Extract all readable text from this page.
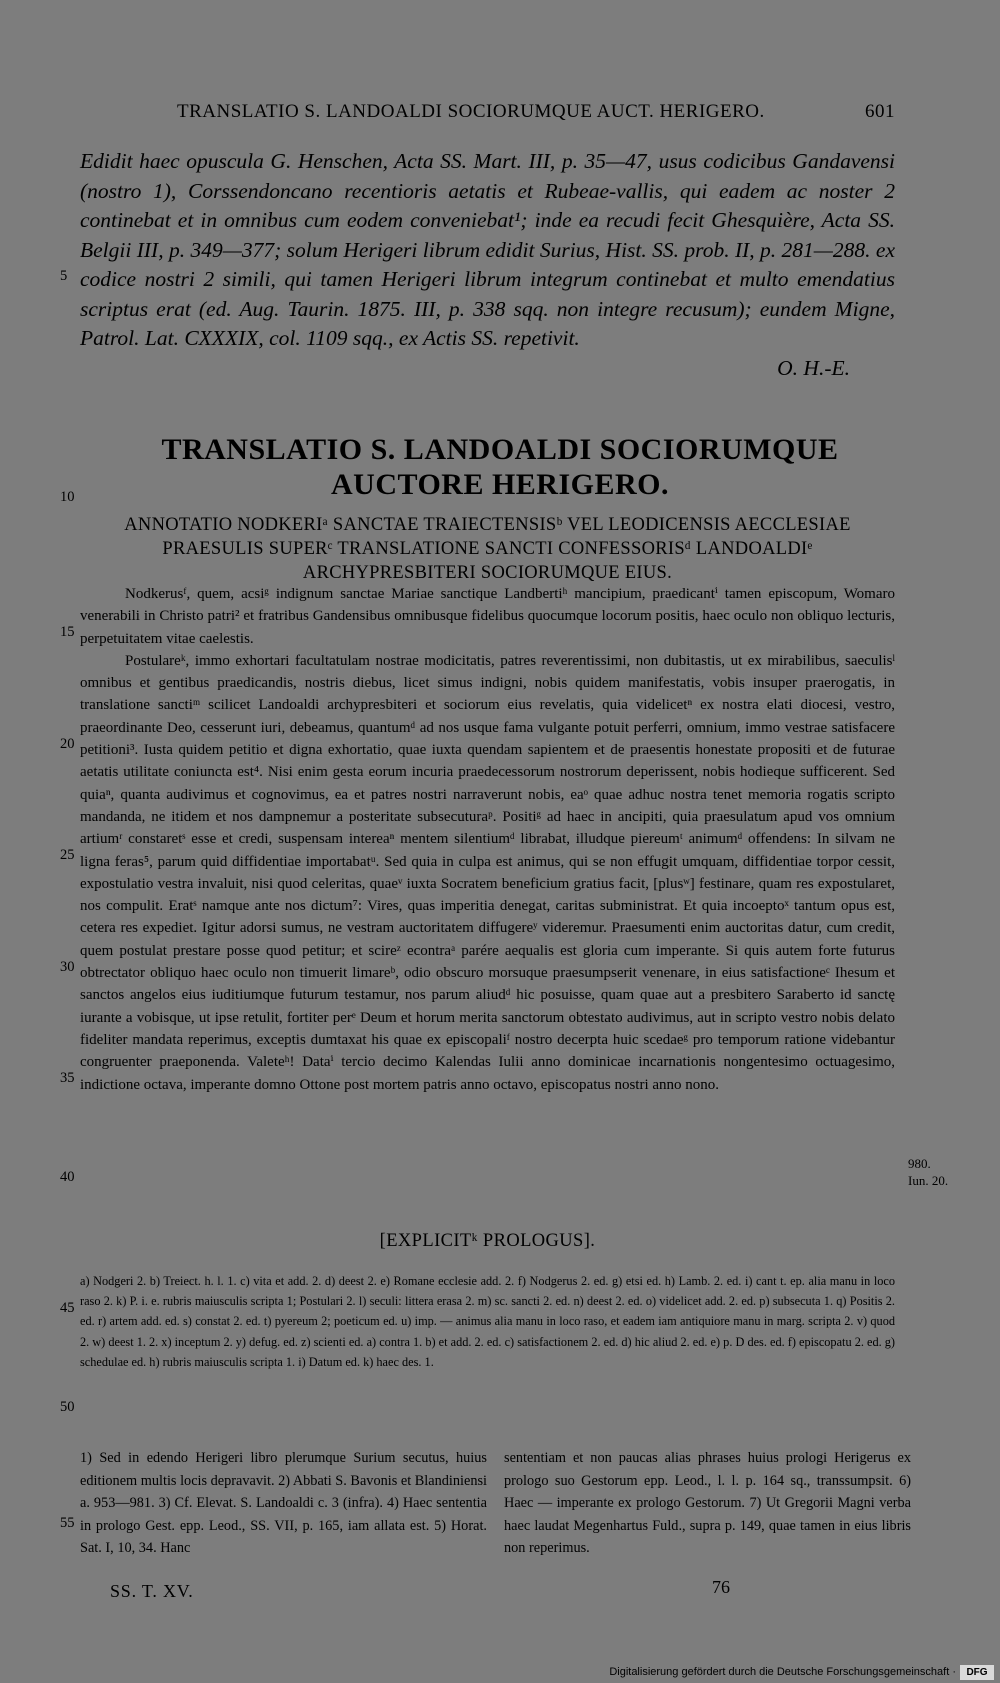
TRANSLATIO S. LANDOALDI SOCIORUMQUE AUCT. HERIGERO.	601

Edidit haec opuscula G. Henschen, Acta SS. Mart. III, p. 35—47, usus codicibus Gandavensi (nostro 1), Corssendoncano recentioris aetatis et Rubeae-vallis, qui eadem ac noster 2 continebat et in omnibus cum eodem conveniebat¹; inde ea recudi fecit Ghesquière, Acta SS. Belgii III, p. 349—377; solum Herigeri librum edidit Surius, Hist. SS. prob. II, p. 281—288. ex codice nostri 2 simili, qui tamen Herigeri librum integrum continebat et multo emendatius scriptus erat (ed. Aug. Taurin. 1875. III, p. 338 sqq. non integre recusum); eundem Migne, Patrol. Lat. CXXXIX, col. 1109 sqq., ex Actis SS. repetivit.

O. H.-E.

TRANSLATIO S. LANDOALDI SOCIORUMQUE
AUCTORE HERIGERO.
ANNOTATIO NODKERIᵃ SANCTAE TRAIECTENSISᵇ VEL LEODICENSIS AECCLESIAE
PRAESULIS SUPERᶜ TRANSLATIONE SANCTI CONFESSORISᵈ LANDOALDIᵉ
ARCHYPRESBITERI SOCIORUMQUE EIUS.

Nodkerusᶠ, quem, acsiᵍ indignum sanctae Mariae sanctique Landbertiʰ mancipium, praedicantⁱ tamen episcopum, Womaro venerabili in Christo patri² et fratribus Gandensibus omnibusque fidelibus quocumque locorum positis, haec oculo non obliquo lecturis, perpetuitatem vitae caelestis.

Postulareᵏ, immo exhortari facultatulam nostrae modicitatis, patres reverentissimi, non dubitastis, ut ex mirabilibus, saeculisˡ omnibus et gentibus praedicandis, nostris diebus, licet simus indigni, nobis quidem manifestatis, vobis insuper praerogatis, in translatione sanctiᵐ scilicet Landoaldi archypresbiteri et sociorum eius revelatis, quia videlicetⁿ ex nostra elati diocesi, vestro, praeordinante Deo, cesserunt iuri, debeamus, quantumᵈ ad nos usque fama vulgante potuit perferri, omnium, immo vestrae satisfacere petitioni³. Iusta quidem petitio et digna exhortatio, quae iuxta quendam sapientem et de praesentis honestate propositi et de futurae aetatis utilitate coniuncta est⁴. Nisi enim gesta eorum incuria praedecessorum nostrorum deperissent, nobis hodieque sufficerent. Sed quiaⁿ, quanta audivimus et cognovimus, ea et patres nostri narraverunt nobis, eaᵒ quae adhuc nostra tenet memoria rogatis scripto mandanda, ne itidem et nos dampnemur a posteritate subsecuturaᵖ. Positiᵍ ad haec in ancipiti, quia praesulatum apud vos omnium artiumʳ constaretˢ esse et credi, suspensam intereaⁿ mentem silentiumᵈ librabat, illudque piereumᵗ animumᵈ offendens: In silvam ne ligna feras⁵, parum quid diffidentiae importabatᵘ. Sed quia in culpa est animus, qui se non effugit umquam, diffidentiae torpor cessit, expostulatio vestra invaluit, nisi quod celeritas, quaeᵛ iuxta Socratem beneficium gratius facit, [plusʷ] festinare, quam res expostularet, nos compulit. Eratˢ namque ante nos dictum⁷: Vires, quas imperitia denegat, caritas subministrat. Et quia incoeptoˣ tantum opus est, cetera res expediet. Igitur adorsi sumus, ne vestram auctoritatem diffugereʸ videremur. Praesumenti enim auctoritas datur, cum credit, quem postulat prestare posse quod petitur; et scireᶻ econtraᵃ parére aequalis est gloria cum imperante. Si quis autem forte futurus obtrectator obliquo haec oculo non timuerit limareᵇ, odio obscuro morsuque praesumpserit venenare, in eius satisfactioneᶜ Ihesum et sanctos angelos eius iuditiumque futurum testamur, nos parum aliudᵈ hic posuisse, quam quae aut a presbitero Saraberto id sanctę iurante a vobisque, ut ipse retulit, fortiter perᵉ Deum et horum merita sanctorum obtestato audivimus, aut in scripto vestro nobis delato fideliter mandata reperimus, exceptis dumtaxat his quae ex episcopaliᶠ nostro decerpta huic scedaeᵍ pro temporum ratione videbantur congruenter praeponenda. Valeteʰ! Dataⁱ tercio decimo Kalendas Iulii anno dominicae incarnationis nongentesimo octuagesimo, indictione octava, imperante domno Ottone post mortem patris anno octavo, episcopatus nostri anno nono.

980.
Iun. 20.
[EXPLICITᵏ PROLOGUS].
5
10
15
20
25
30
35
40
45
50
55

a) Nodgeri 2. b) Treiect. h. l. 1. c) vita et add. 2. d) deest 2. e) Romane ecclesie add. 2. f) Nodgerus 2. ed. g) etsi ed. h) Lamb. 2. ed. i) cant t. ep. alia manu in loco raso 2. k) P. i. e. rubris maiusculis scripta 1; Postulari 2. l) seculi: littera erasa 2. m) sc. sancti 2. ed. n) deest 2. ed. o) videlicet add. 2. ed. p) subsecuta 1. q) Positis 2. ed. r) artem add. ed. s) constat 2. ed. t) pyereum 2; poeticum ed. u) imp. — animus alia manu in loco raso, et eadem iam antiquiore manu in marg. scripta 2. v) quod 2. w) deest 1. 2. x) inceptum 2. y) defug. ed. z) scienti ed. a) contra 1. b) et add. 2. ed. c) satisfactionem 2. ed. d) hic aliud 2. ed. e) p. D des. ed. f) episcopatu 2. ed. g) schedulae ed. h) rubris maiusculis scripta 1. i) Datum ed. k) haec des. 1.

1) Sed in edendo Herigeri libro plerumque Surium secutus, huius editionem multis locis depravavit. 2) Abbati S. Bavonis et Blandiniensi a. 953—981. 3) Cf. Elevat. S. Landoaldi c. 3 (infra). 4) Haec sententia in prologo Gest. epp. Leod., SS. VII, p. 165, iam allata est. 5) Horat. Sat. I, 10, 34. Hanc

sententiam et non paucas alias phrases huius prologi Herigerus ex prologo suo Gestorum epp. Leod., l. l. p. 164 sq., transsumpsit. 6) Haec — imperante ex prologo Gestorum. 7) Ut Gregorii Magni verba haec laudat Megenhartus Fuld., supra p. 149, quae tamen in eius libris non reperimus.

SS. T. XV.	76
Digitalisierung gefördert durch die Deutsche Forschungsgemeinschaft ·	DFG
